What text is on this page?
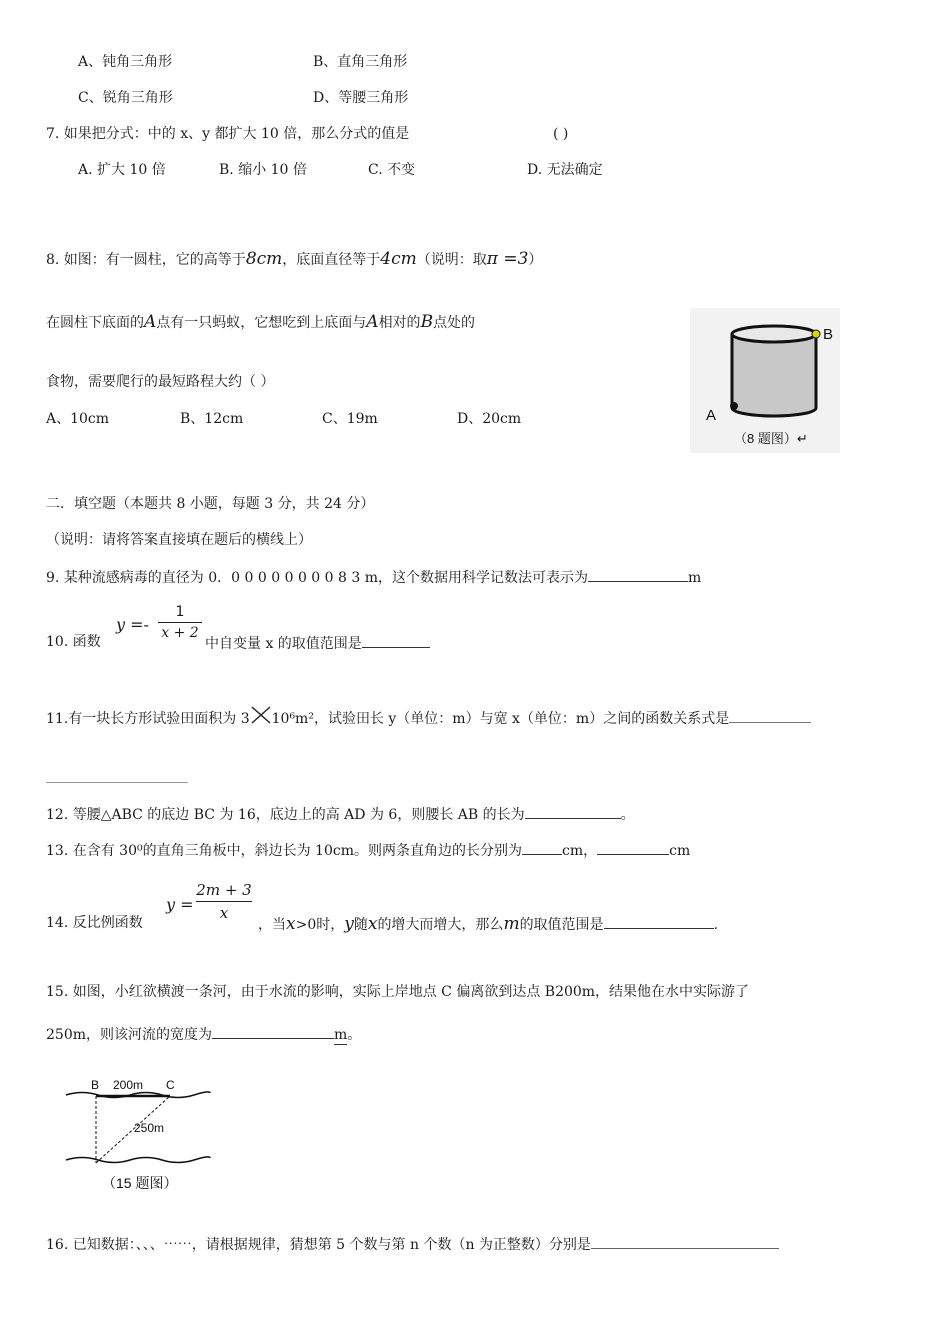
A、钝角三角形	B、直角三角形
C、锐角三角形	D、等腰三角形
7. 如果把分式：中的 x、y 都扩大 10 倍，那么分式的值是	( )
A. 扩大 10 倍	B. 缩小 10 倍	C. 不变	D. 无法确定
8. 如图：有一圆柱，它的高等于8cm，底面直径等于4cm（说明：取π =3）
在圆柱下底面的A点有一只蚂蚁，它想吃到上底面与A相对的B点处的
食物，需要爬行的最短路程大约（ ）
A、10cm	B、12cm	C、19m	D、20cm	A
B
（8 题图）↵
二．填空题（本题共 8 小题，每题 3 分，共 24 分）
（说明：请将答案直接填在题后的横线上）
9. 某种流感病毒的直径为 0．0 0 0 0 0 0 0 0 8 3 m，这个数据用科学记数法可表示为	m
10. 函数
y =-
1
x + 2
中自变量 x 的取值范围是
11.有一块长方形试验田面积为 3 10⁶m²，试验田长 y（单位：m）与宽 x（单位：m）之间的函数关系式是
12. 等腰△ABC 的底边 BC 为 16，底边上的高 AD 为 6，则腰长 AB 的长为	。
13. 在含有 30⁰的直角三角板中，斜边长为 10cm。则两条直角边的长分别为	cm，	cm
14. 反比例函数
y =
2m + 3
x
，当x>0时，y随x的增大而增大，那么m的取值范围是	.
15. 如图，小红欲横渡一条河，由于水流的影响，实际上岸地点 C 偏离欲到达点 B200m，结果他在水中实际游了
250m，则该河流的宽度为	m。
B 200m C
250m
（15 题图）
16. 已知数据：、、、⋯⋯，请根据规律，猜想第 5 个数与第 n 个数（n 为正整数）分别是
